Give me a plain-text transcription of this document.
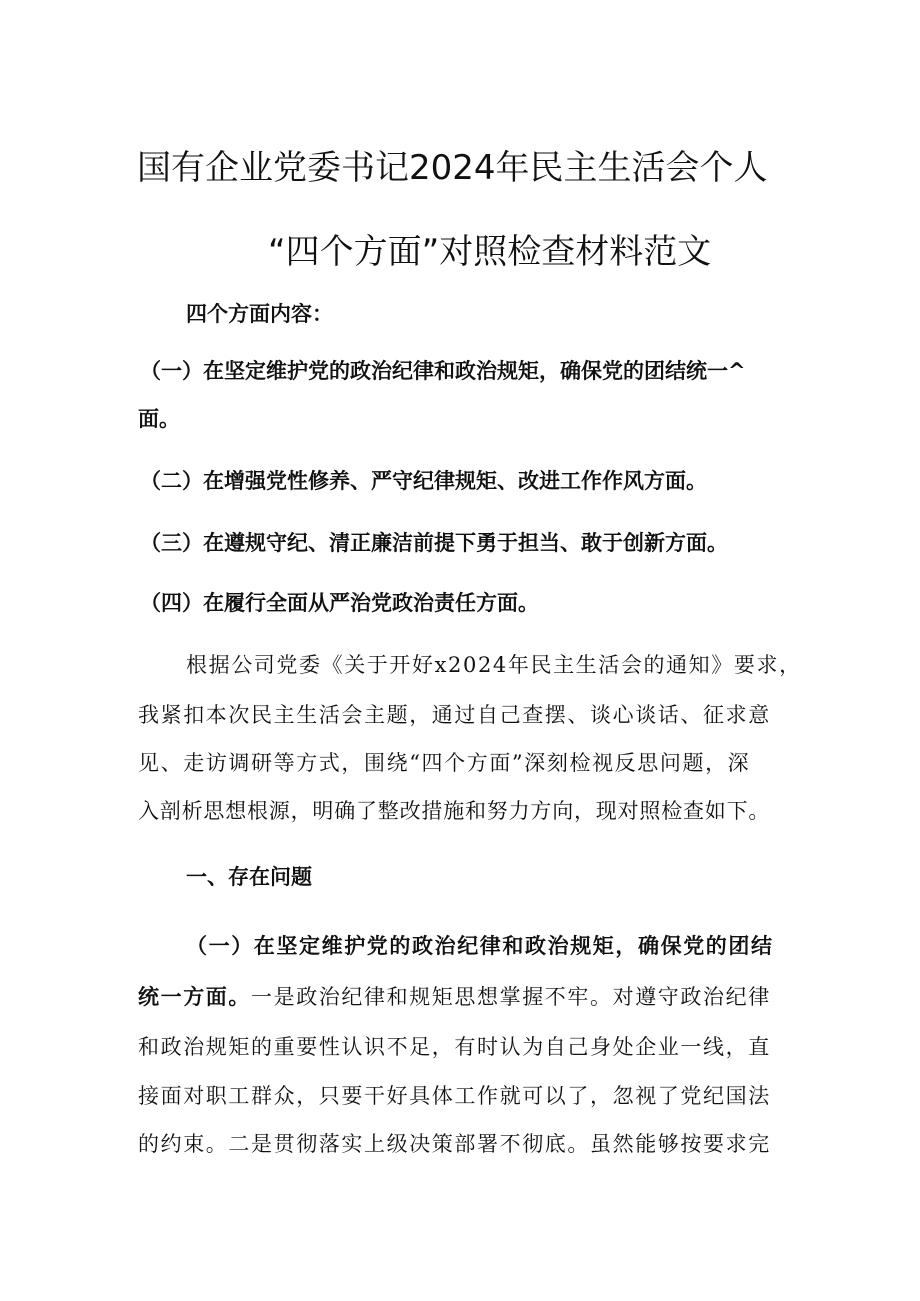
国有企业党委书记2024年民主生活会个人
“四个方面”对照检查材料范文
四个方面内容：
（一）在坚定维护党的政治纪律和政治规矩，确保党的团结统一^
面。
（二）在增强党性修养、严守纪律规矩、改进工作作风方面。
（三）在遵规守纪、清正廉洁前提下勇于担当、敢于创新方面。
（四）在履行全面从严治党政治责任方面。
根据公司党委《关于开好x2024年民主生活会的通知》要求，
我紧扣本次民主生活会主题，通过自己查摆、谈心谈话、征求意
见、走访调研等方式，围绕“四个方面”深刻检视反思问题，深
入剖析思想根源，明确了整改措施和努力方向，现对照检查如下。
一、存在问题
（一）在坚定维护党的政治纪律和政治规矩，确保党的团结
统一方面。一是政治纪律和规矩思想掌握不牢。对遵守政治纪律
和政治规矩的重要性认识不足，有时认为自己身处企业一线，直
接面对职工群众，只要干好具体工作就可以了，忽视了党纪国法
的约束。二是贯彻落实上级决策部署不彻底。虽然能够按要求完
